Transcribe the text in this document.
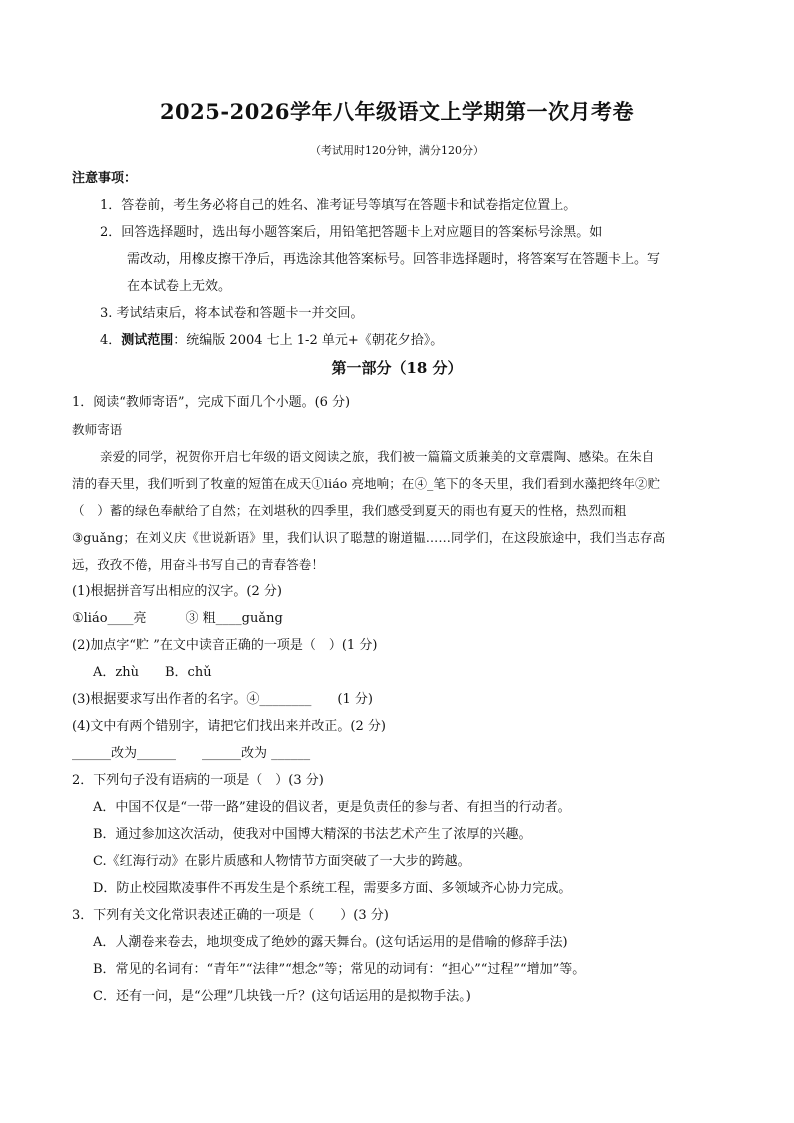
2025-2026学年八年级语文上学期第一次月考卷
（考试用时120分钟，满分120分）
注意事项：
1．答卷前，考生务必将自己的姓名、准考证号等填写在答题卡和试卷指定位置上。
2．回答选择题时，选出每小题答案后，用铅笔把答题卡上对应题目的答案标号涂黑。如
需改动，用橡皮擦干净后，再选涂其他答案标号。回答非选择题时，将答案写在答题卡上。写
在本试卷上无效。
3. 考试结束后，将本试卷和答题卡一并交回。
4．测试范围：统编版 2004 七上 1-2 单元+《朝花夕拾》。
第一部分（18 分）
1．阅读“教师寄语”，完成下面几个小题。(6 分)
教师寄语
亲爱的同学，祝贺你开启七年级的语文阅读之旅，我们被一篇篇文质兼美的文章震陶、感染。在朱自
清的春天里，我们听到了牧童的短笛在成天①liáo 亮地响；在④_笔下的冬天里，我们看到水藻把终年②贮
（　）蓄的绿色奉献给了自然；在刘堪秋的四季里，我们感受到夏天的雨也有夏天的性格，热烈而粗
③guǎng；在刘义庆《世说新语》里，我们认识了聪慧的谢道韫……同学们，在这段旅途中，我们当志存高
远，孜孜不倦，用奋斗书写自己的青春答卷！
(1)根据拼音写出相应的汉字。(2 分)
①liáo____亮　　　③ 粗____guǎng
(2)加点字“贮 ”在文中读音正确的一项是（　）(1 分)
A．zhù　　B．chǔ
(3)根据要求写出作者的名字。④________　　(1 分)
(4)文中有两个错别字，请把它们找出来并改正。(2 分)
______改为______　　______改为 ______
2．下列句子没有语病的一项是（　）(3 分)
A．中国不仅是“一带一路”建设的倡议者，更是负责任的参与者、有担当的行动者。
B．通过参加这次活动，使我对中国博大精深的书法艺术产生了浓厚的兴趣。
C.《红海行动》在影片质感和人物情节方面突破了一大步的跨越。
D．防止校园欺凌事件不再发生是个系统工程，需要多方面、多领域齐心协力完成。
3．下列有关文化常识表述正确的一项是（　　）(3 分)
A．人潮卷来卷去，地坝变成了绝妙的露天舞台。(这句话运用的是借喻的修辞手法)
B．常见的名词有：“青年”“法律”“想念”等；常见的动词有：“担心”“过程”“增加”等。
C．还有一问，是“公理”几块钱一斤？(这句话运用的是拟物手法。)
